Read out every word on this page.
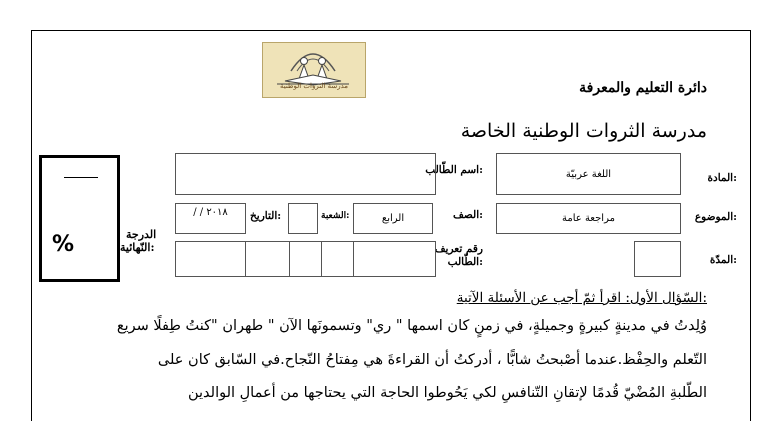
مدرسة الثروات الوطنية	دائرة التعليم والمعرفة
مدرسة الثروات الوطنية الخاصة
المادة:
اللغة عربيّة
الموضوع:
مراجعة عامة
المدّة:
اسم الطّالب:
الصف:
الرابع
الشعبة:
التاريخ:
/ / ٢٠١٨
رقم تعريف
الطّالب:
الدرجة
النّهائية:
%
السّؤال الأول: اقرأ ثمّ أجب عن الأسئلة الآتية:
وُلِدتُ في مدينةٍ كبيرةٍ وجميلةٍ، في زمنٍ كان اسمها " ري" وتسمونَها الآن " طهران "كنتُ طِفلًا سريع
التّعلم والحِفْظ.عندما أصْبحتُ شابًّا ، أدركتُ أن القراءةَ هي مِفتاحُ النّجاح.في السّابق كان على
الطّلبةِ المُضْيّ قُدمًا لإتقانِ التّنافسِ لكي يَحُوطوا الحاجة التي يحتاجها من أعمالِ الوالدين
